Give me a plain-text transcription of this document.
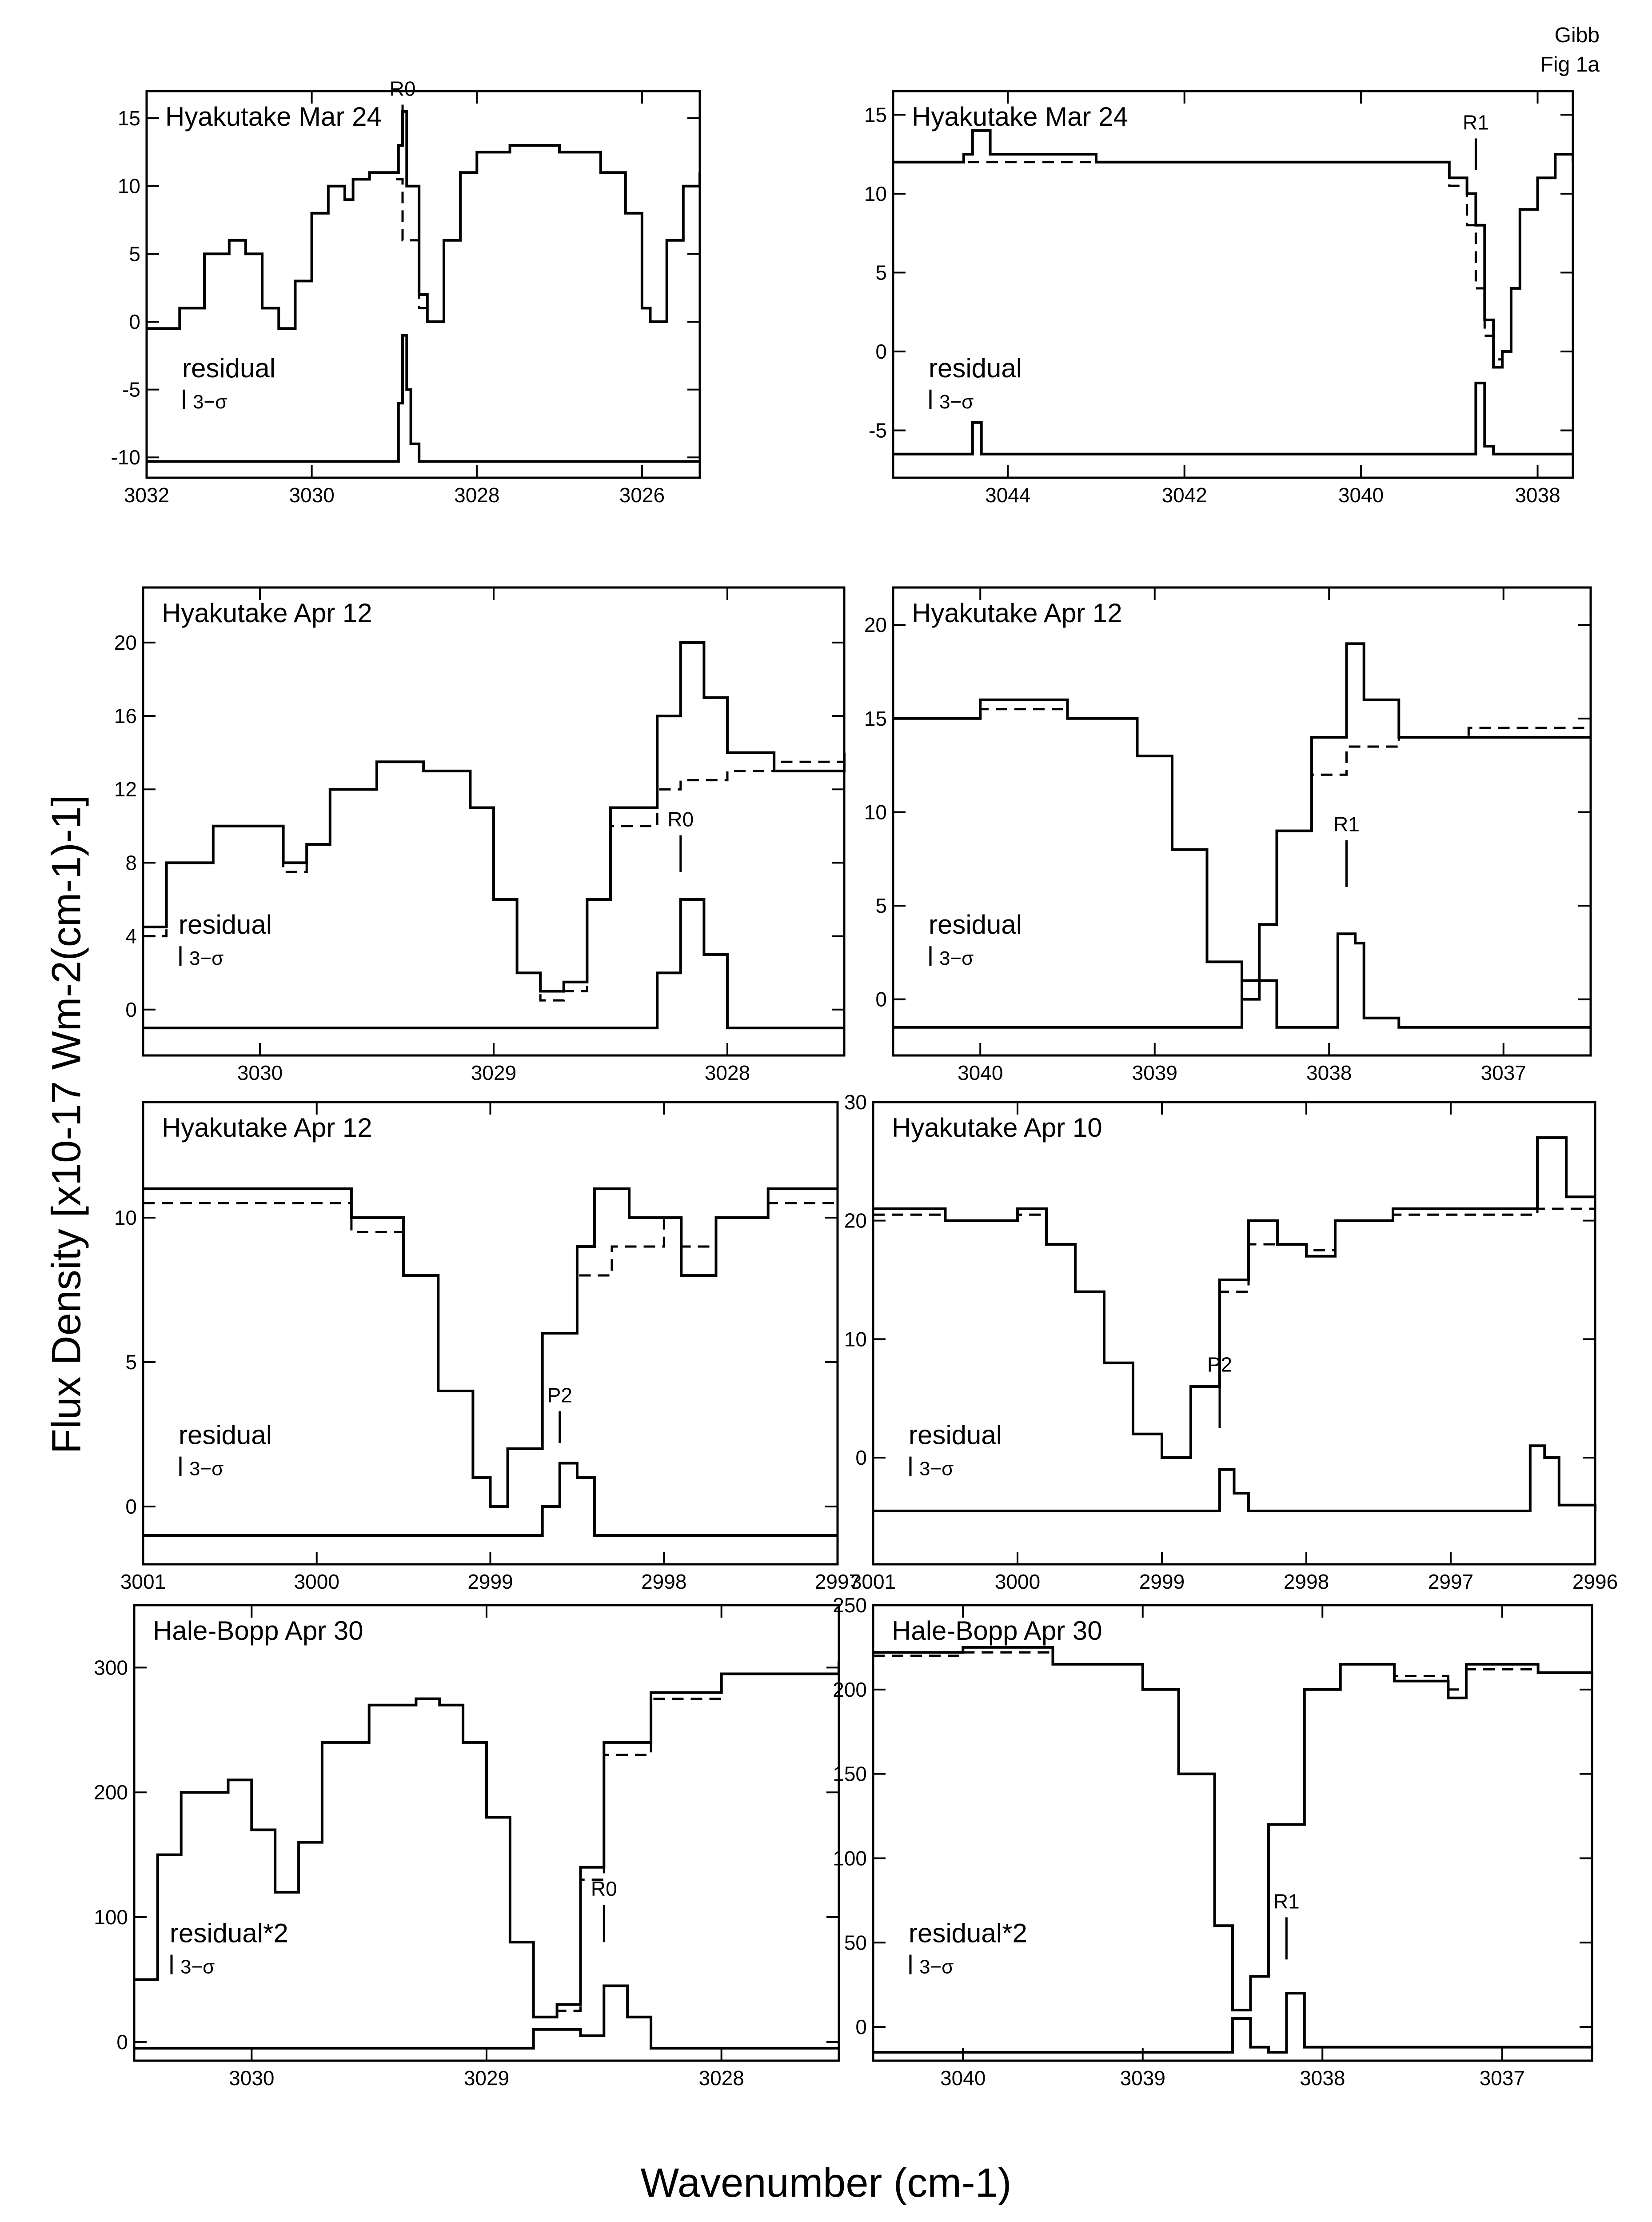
3032	3030	3028	3026
-10
-5
0
5
10
15 Hyakutake Mar 24
R0
residual
3−σ
3044	3042	3040	3038
-5
0
5
10
15 Hyakutake Mar 24	R1
residual
3−σ
3030	3029	3028
0
4
8
12
16
20
Hyakutake Apr 12
R0
residual
3−σ
3040	3039	3038	3037
0
5
10
15
20 Hyakutake Apr 12
R1
residual
3−σ
3001	3000	2999	2998	2997
0
5
10
Hyakutake Apr 12
P2
residual
3−σ
3001	3000	2999	2998	2997	2996
0
10
20
30
Hyakutake Apr 10
P2
residual
3−σ
3030	3029	3028
0
100
200
300
Hale-Bopp Apr 30
R0
residual*2
3−σ
3040	3039	3038	3037
0
50
100
150
200
250
Hale-Bopp Apr 30
R1
residual*2
3−σ
Gibb
Fig 1a
Wavenumber (cm-1)
Flux Density [x10-17 Wm-2(cm-1)-1]
